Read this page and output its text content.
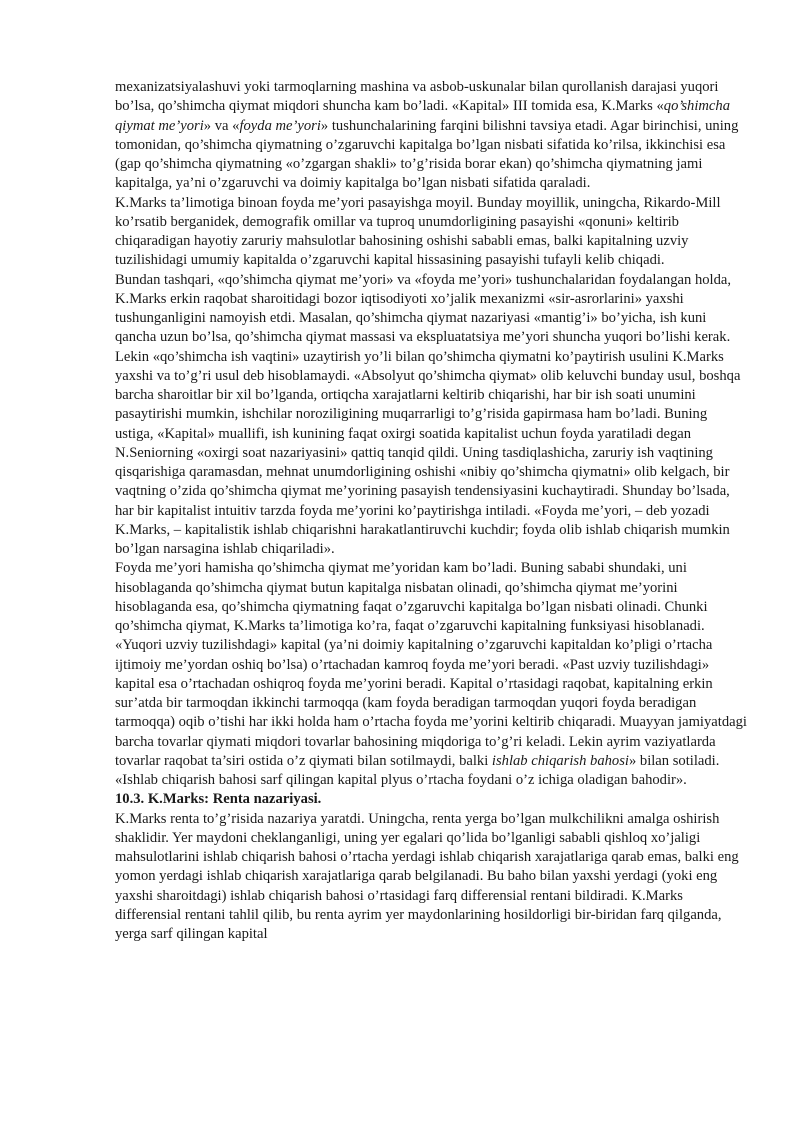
mexanizatsiyalashuvi yoki tarmoqlarning mashina va asbob-uskunalar bilan qurollanish darajasi yuqori bo’lsa, qo’shimcha qiymat miqdori shuncha kam bo’ladi. «Kapital» III tomida esa, K.Marks «qo’shimcha qiymat me’yori» va «foyda me’yori» tushunchalarining farqini bilishni tavsiya etadi. Agar birinchisi, uning tomonidan, qo’shimcha qiymatning o’zgaruvchi kapitalga bo’lgan nisbati sifatida ko’rilsa, ikkinchisi esa (gap qo’shimcha qiymatning «o’zgargan shakli» to’g’risida borar ekan) qo’shimcha qiymatning jami kapitalga, ya’ni o’zgaruvchi va doimiy kapitalga bo’lgan nisbati sifatida qaraladi.

K.Marks ta’limotiga binoan foyda me’yori pasayishga moyil. Bunday moyillik, uningcha, Rikardo-Mill ko’rsatib berganidek, demografik omillar va tuproq unumdorligining pasayishi «qonuni» keltirib chiqaradigan hayotiy zaruriy mahsulotlar bahosining oshishi sababli emas, balki kapitalning uzviy tuzilishidagi umumiy kapitalda o’zgaruvchi kapital hissasining pasayishi tufayli kelib chiqadi.

Bundan tashqari, «qo’shimcha qiymat me’yori» va «foyda me’yori» tushunchalaridan foydalangan holda, K.Marks erkin raqobat sharoitidagi bozor iqtisodiyoti xo’jalik mexanizmi «sir-asrorlarini» yaxshi tushunganligini namoyish etdi. Masalan, qo’shimcha qiymat nazariyasi «mantig’i» bo’yicha, ish kuni qancha uzun bo’lsa, qo’shimcha qiymat massasi va ekspluatatsiya me’yori shuncha yuqori bo’lishi kerak. Lekin «qo’shimcha ish vaqtini» uzaytirish yo’li bilan qo’shimcha qiymatni ko’paytirish usulini K.Marks yaxshi va to’g’ri usul deb hisoblamaydi. «Absolyut qo’shimcha qiymat» olib keluvchi bunday usul, boshqa barcha sharoitlar bir xil bo’lganda, ortiqcha xarajatlarni keltirib chiqarishi, har bir ish soati unumini pasaytirishi mumkin, ishchilar noroziligining muqarrarligi to’g’risida gapirmasa ham bo’ladi. Buning ustiga, «Kapital» muallifi, ish kunining faqat oxirgi soatida kapitalist uchun foyda yaratiladi degan N.Seniorning «oxirgi soat nazariyasini» qattiq tanqid qildi. Uning tasdiqlashicha, zaruriy ish vaqtining qisqarishiga qaramasdan, mehnat unumdorligining oshishi «nibiy qo’shimcha qiymatni» olib kelgach, bir vaqtning o’zida qo’shimcha qiymat me’yorining pasayish tendensiyasini kuchaytiradi. Shunday bo’lsada, har bir kapitalist intuitiv tarzda foyda me’yorini ko’paytirishga intiladi. «Foyda me’yori, – deb yozadi K.Marks, – kapitalistik ishlab chiqarishni harakatlantiruvchi kuchdir; foyda olib ishlab chiqarish mumkin bo’lgan narsagina ishlab chiqariladi».

Foyda me’yori hamisha qo’shimcha qiymat me’yoridan kam bo’ladi. Buning sababi shundaki, uni hisoblaganda qo’shimcha qiymat butun kapitalga nisbatan olinadi, qo’shimcha qiymat me’yorini hisoblaganda esa, qo’shimcha qiymatning faqat o’zgaruvchi kapitalga bo’lgan nisbati olinadi. Chunki qo’shimcha qiymat, K.Marks ta’limotiga ko’ra, faqat o’zgaruvchi kapitalning funksiyasi hisoblanadi.

«Yuqori uzviy tuzilishdagi» kapital (ya’ni doimiy kapitalning o’zgaruvchi kapitaldan ko’pligi o’rtacha ijtimoiy me’yordan oshiq bo’lsa) o’rtachadan kamroq foyda me’yori beradi. «Past uzviy tuzilishdagi» kapital esa o’rtachadan oshiqroq foyda me’yorini beradi. Kapital o’rtasidagi raqobat, kapitalning erkin sur’atda bir tarmoqdan ikkinchi tarmoqqa (kam foyda beradigan tarmoqdan yuqori foyda beradigan tarmoqqa) oqib o’tishi har ikki holda ham o’rtacha foyda me’yorini keltirib chiqaradi. Muayyan jamiyatdagi barcha tovarlar qiymati miqdori tovarlar bahosining miqdoriga to’g’ri keladi. Lekin ayrim vaziyatlarda tovarlar raqobat ta’siri ostida o’z qiymati bilan sotilmaydi, balki ishlab chiqarish bahosi» bilan sotiladi.

«Ishlab chiqarish bahosi sarf qilingan kapital plyus o’rtacha foydani o’z ichiga oladigan bahodir».

10.3. K.Marks: Renta nazariyasi.

K.Marks renta to’g’risida nazariya yaratdi. Uningcha, renta yerga bo’lgan mulkchilikni amalga oshirish shaklidir. Yer maydoni cheklanganligi, uning yer egalari qo’lida bo’lganligi sababli qishloq xo’jaligi mahsulotlarini ishlab chiqarish bahosi o’rtacha yerdagi ishlab chiqarish xarajatlariga qarab emas, balki eng yomon yerdagi ishlab chiqarish xarajatlariga qarab belgilanadi. Bu baho bilan yaxshi yerdagi (yoki eng yaxshi sharoitdagi) ishlab chiqarish bahosi o’rtasidagi farq differensial rentani bildiradi. K.Marks differensial rentani tahlil qilib, bu renta ayrim yer maydonlarining hosildorligi bir-biridan farq qilganda, yerga sarf qilingan kapital
